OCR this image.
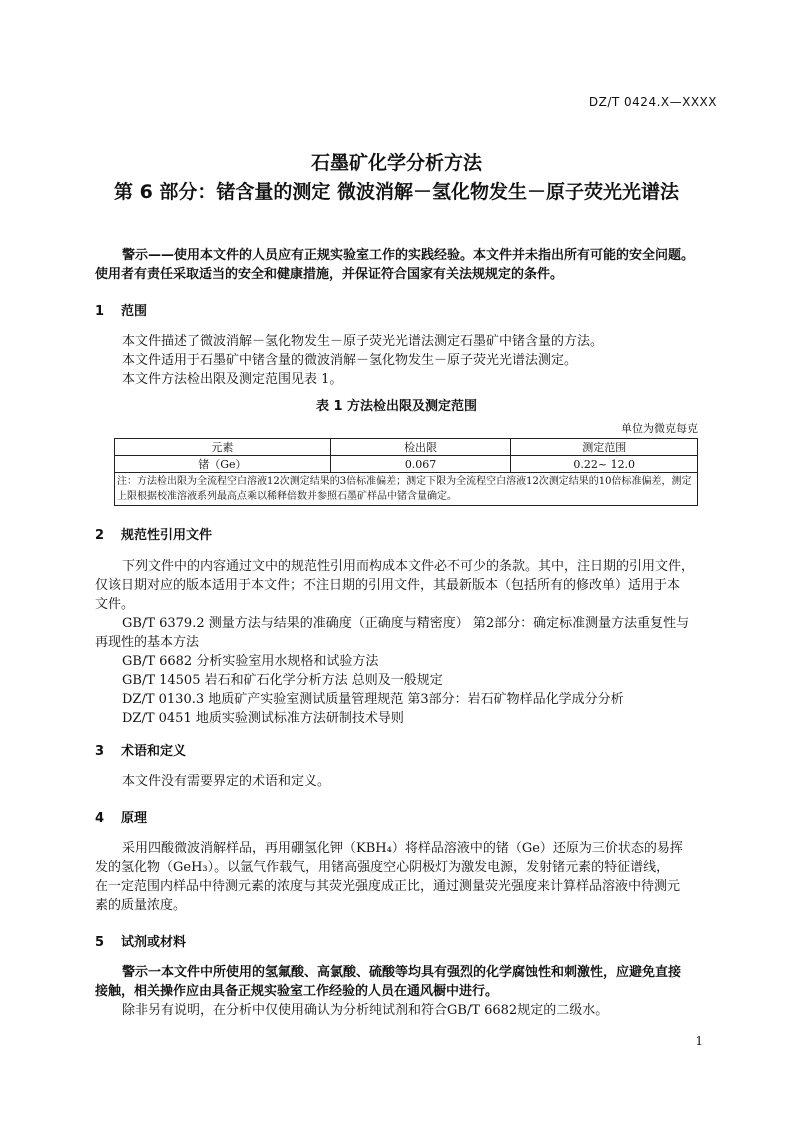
DZ/T 0424.X—XXXX
石墨矿化学分析方法
第 6 部分：锗含量的测定 微波消解－氢化物发生－原子荧光光谱法
警示——使用本文件的人员应有正规实验室工作的实践经验。本文件并未指出所有可能的安全问题。
使用者有责任采取适当的安全和健康措施，并保证符合国家有关法规规定的条件。
1 范围
本文件描述了微波消解－氢化物发生－原子荧光光谱法测定石墨矿中锗含量的方法。
本文件适用于石墨矿中锗含量的微波消解－氢化物发生－原子荧光光谱法测定。
本文件方法检出限及测定范围见表 1。
表 1 方法检出限及测定范围
单位为微克每克
元素	检出限	测定范围
锗（Ge）	0.067	0.22~ 12.0
注：方法检出限为全流程空白溶液12次测定结果的3倍标准偏差；测定下限为全流程空白溶液12次测定结果的10倍标准偏差，测定上限根据校准溶液系列最高点乘以稀释倍数并参照石墨矿样品中锗含量确定。		
2 规范性引用文件
下列文件中的内容通过文中的规范性引用而构成本文件必不可少的条款。其中，注日期的引用文件，
仅该日期对应的版本适用于本文件；不注日期的引用文件，其最新版本（包括所有的修改单）适用于本
文件。
GB/T 6379.2 测量方法与结果的准确度（正确度与精密度） 第2部分：确定标准测量方法重复性与
再现性的基本方法
GB/T 6682 分析实验室用水规格和试验方法
GB/T 14505 岩石和矿石化学分析方法 总则及一般规定
DZ/T 0130.3 地质矿产实验室测试质量管理规范 第3部分：岩石矿物样品化学成分分析
DZ/T 0451 地质实验测试标准方法研制技术导则
3 术语和定义
本文件没有需要界定的术语和定义。
4 原理
采用四酸微波消解样品，再用硼氢化钾（KBH₄）将样品溶液中的锗（Ge）还原为三价状态的易挥
发的氢化物（GeH₃）。以氩气作载气，用锗高强度空心阴极灯为激发电源，发射锗元素的特征谱线，
在一定范围内样品中待测元素的浓度与其荧光强度成正比，通过测量荧光强度来计算样品溶液中待测元
素的质量浓度。
5 试剂或材料
警示一本文件中所使用的氢氟酸、高氯酸、硫酸等均具有强烈的化学腐蚀性和刺激性，应避免直接
接触，相关操作应由具备正规实验室工作经验的人员在通风橱中进行。
除非另有说明，在分析中仅使用确认为分析纯试剂和符合GB/T 6682规定的二级水。
1
